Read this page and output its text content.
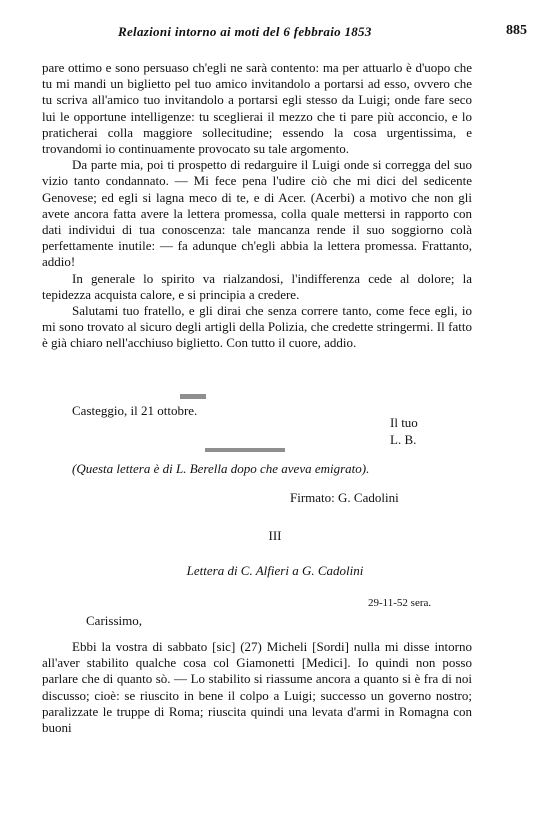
Relazioni intorno ai moti del 6 febbraio 1853	885

pare ottimo e sono persuaso ch'egli ne sarà contento: ma per attuarlo è d'uopo che tu mi mandi un biglietto pel tuo amico invitandolo a portarsi ad esso, ovvero che tu scriva all'amico tuo invitandolo a portarsi egli stesso da Luigi; onde fare seco lui le opportune intelligenze: tu sceglierai il mezzo che ti pare più acconcio, e lo praticherai colla maggiore sollecitudine; essendo la cosa urgentissima, e trovandomi io continuamente provocato su tale argomento.

Da parte mia, poi ti prospetto di redarguire il Luigi onde si corregga del suo vizio tanto condannato. — Mi fece pena l'udire ciò che mi dici del sedicente Genovese; ed egli si lagna meco di te, e di Acer. (Acerbi) a motivo che non gli avete ancora fatta avere la lettera promessa, colla quale mettersi in rapporto con dati individui di tua conoscenza: tale mancanza rende il suo soggiorno colà perfettamente inutile: — fa adunque ch'egli abbia la lettera promessa. Frattanto, addio!

In generale lo spirito va rialzandosi, l'indifferenza cede al dolore; la tepidezza acquista calore, e si principia a credere.

Salutami tuo fratello, e gli dirai che senza correre tanto, come fece egli, io mi sono trovato al sicuro degli artigli della Polizia, che credette stringermi. Il fatto è già chiaro nell'acchiuso biglietto. Con tutto il cuore, addio.

Casteggio, il 21 ottobre.
Il tuo
L. B.
(Questa lettera è di L. Berella dopo che aveva emigrato).
Firmato: G. Cadolini
III
Lettera di C. Alfieri a G. Cadolini
29-11-52 sera.
Carissimo,

Ebbi la vostra di sabbato [sic] (27) Micheli [Sordi] nulla mi disse intorno all'aver stabilito qualche cosa col Giamonetti [Medici]. Io quindi non posso parlare che di quanto sò. — Lo stabilito si riassume ancora a quanto si è fra di noi discusso; cioè: se riuscito in bene il colpo a Luigi; successo un governo nostro; paralizzate le truppe di Roma; riuscita quindi una levata d'armi in Romagna con buoni
